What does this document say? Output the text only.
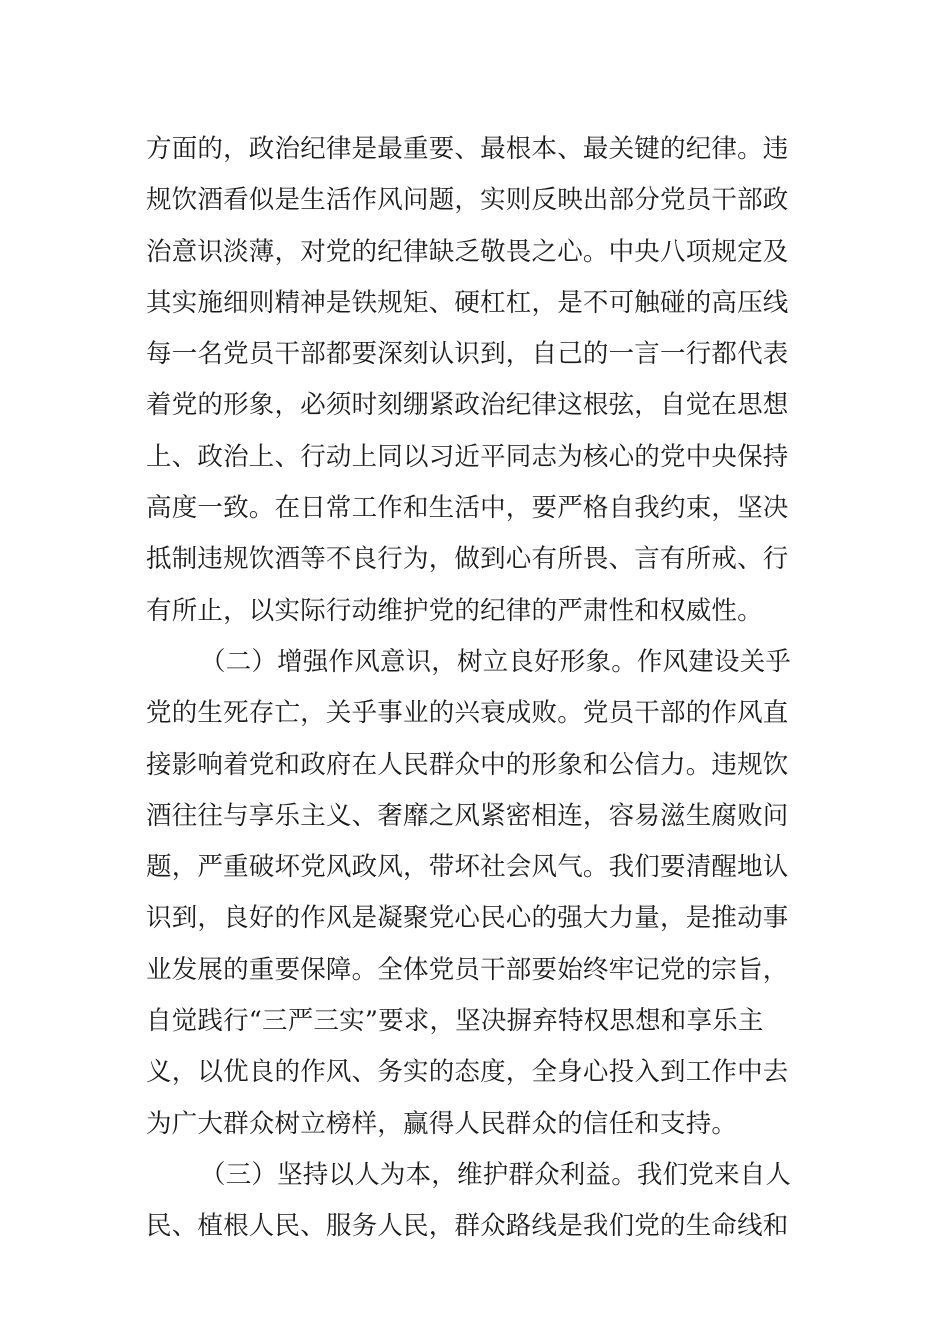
方面的，政治纪律是最重要、最根本、最关键的纪律。违
规饮酒看似是生活作风问题，实则反映出部分党员干部政
治意识淡薄，对党的纪律缺乏敬畏之心。中央八项规定及
其实施细则精神是铁规矩、硬杠杠，是不可触碰的高压线
每一名党员干部都要深刻认识到，自己的一言一行都代表
着党的形象，必须时刻绷紧政治纪律这根弦，自觉在思想
上、政治上、行动上同以习近平同志为核心的党中央保持
高度一致。在日常工作和生活中，要严格自我约束，坚决
抵制违规饮酒等不良行为，做到心有所畏、言有所戒、行
有所止，以实际行动维护党的纪律的严肃性和权威性。
（二）增强作风意识，树立良好形象。作风建设关乎
党的生死存亡，关乎事业的兴衰成败。党员干部的作风直
接影响着党和政府在人民群众中的形象和公信力。违规饮
酒往往与享乐主义、奢靡之风紧密相连，容易滋生腐败问
题，严重破坏党风政风，带坏社会风气。我们要清醒地认
识到，良好的作风是凝聚党心民心的强大力量，是推动事
业发展的重要保障。全体党员干部要始终牢记党的宗旨，
自觉践行“三严三实”要求，坚决摒弃特权思想和享乐主
义，以优良的作风、务实的态度，全身心投入到工作中去
为广大群众树立榜样，赢得人民群众的信任和支持。
（三）坚持以人为本，维护群众利益。我们党来自人
民、植根人民、服务人民，群众路线是我们党的生命线和
